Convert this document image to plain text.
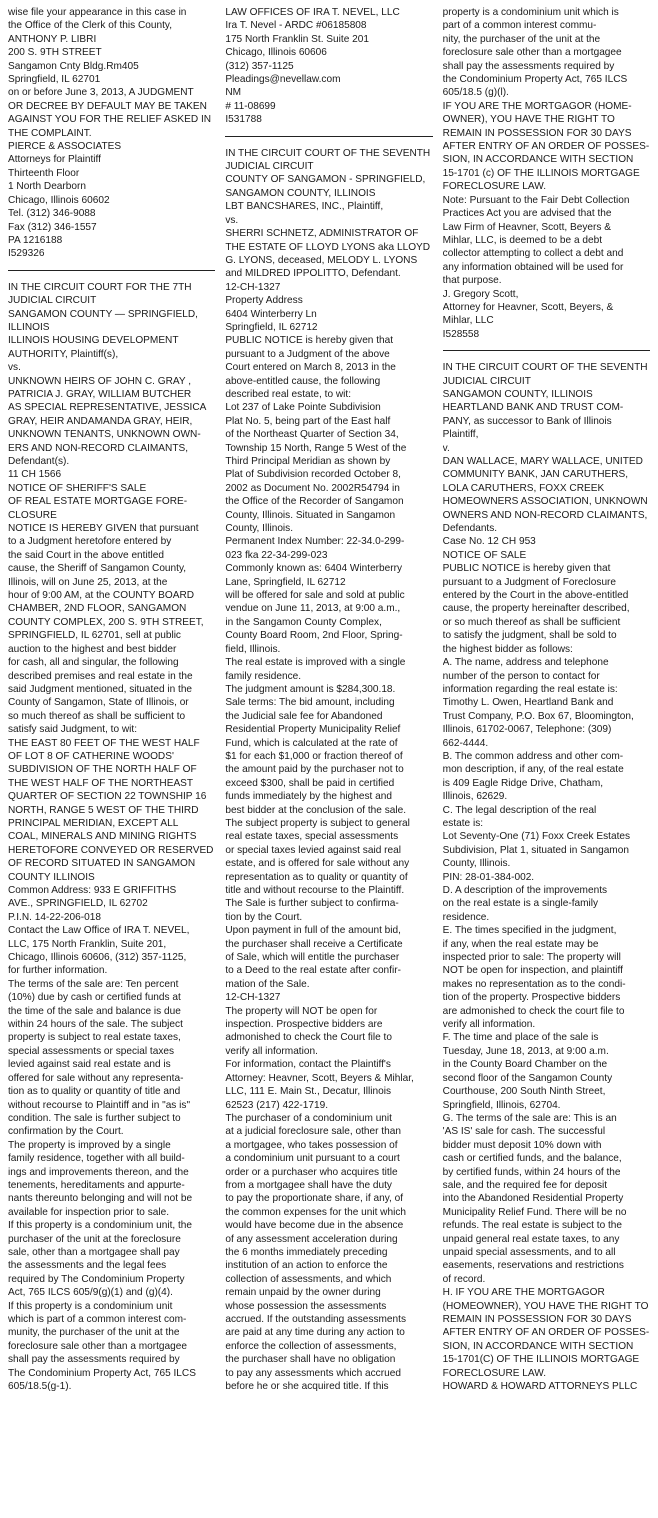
wise file your appearance in this case in
the Office of the Clerk of this County,
ANTHONY P. LIBRI
200 S. 9TH STREET
Sangamon Cnty Bldg.Rm405
Springfield, IL 62701
on or before June 3, 2013, A JUDGMENT
OR DECREE BY DEFAULT MAY BE TAKEN
AGAINST YOU FOR THE RELIEF ASKED IN
THE COMPLAINT.
PIERCE & ASSOCIATES
Attorneys for Plaintiff
Thirteenth Floor
1 North Dearborn
Chicago, Illinois 60602
Tel. (312) 346-9088
Fax (312) 346-1557
PA 1216188
I529326
IN THE CIRCUIT COURT FOR THE 7TH
JUDICIAL CIRCUIT
SANGAMON COUNTY — SPRINGFIELD,
ILLINOIS
ILLINOIS HOUSING DEVELOPMENT
AUTHORITY, Plaintiff(s),
vs.
UNKNOWN HEIRS OF JOHN C. GRAY ,
PATRICIA J. GRAY, WILLIAM BUTCHER
AS SPECIAL REPRESENTATIVE, JESSICA
GRAY, HEIR ANDAMANDA GRAY, HEIR,
UNKNOWN TENANTS, UNKNOWN OWN-
ERS AND NON-RECORD CLAIMANTS,
Defendant(s).
11 CH 1566
NOTICE OF SHERIFF'S SALE
OF REAL ESTATE MORTGAGE FORE-
CLOSURE
NOTICE IS HEREBY GIVEN that pursuant
to a Judgment heretofore entered by
the said Court in the above entitled
cause, the Sheriff of Sangamon County,
Illinois, will on June 25, 2013, at the
hour of 9:00 AM, at the COUNTY BOARD
CHAMBER, 2ND FLOOR, SANGAMON
COUNTY COMPLEX, 200 S. 9TH STREET,
SPRINGFIELD, IL 62701, sell at public
auction to the highest and best bidder
for cash, all and singular, the following
described premises and real estate in the
said Judgment mentioned, situated in the
County of Sangamon, State of Illinois, or
so much thereof as shall be sufficient to
satisfy said Judgment, to wit:
THE EAST 80 FEET OF THE WEST HALF
OF LOT 8 OF CATHERINE WOODS'
SUBDIVISION OF THE NORTH HALF OF
THE WEST HALF OF THE NORTHEAST
QUARTER OF SECTION 22 TOWNSHIP 16
NORTH, RANGE 5 WEST OF THE THIRD
PRINCIPAL MERIDIAN, EXCEPT ALL
COAL, MINERALS AND MINING RIGHTS
HERETOFORE CONVEYED OR RESERVED
OF RECORD SITUATED IN SANGAMON
COUNTY ILLINOIS
Common Address: 933 E GRIFFITHS
AVE., SPRINGFIELD, IL 62702
P.I.N. 14-22-206-018
Contact the Law Office of IRA T. NEVEL,
LLC, 175 North Franklin, Suite 201,
Chicago, Illinois 60606, (312) 357-1125,
for further information.
The terms of the sale are: Ten percent
(10%) due by cash or certified funds at
the time of the sale and balance is due
within 24 hours of the sale. The subject
property is subject to real estate taxes,
special assessments or special taxes
levied against said real estate and is
offered for sale without any representa-
tion as to quality or quantity of title and
without recourse to Plaintiff and in "as is"
condition. The sale is further subject to
confirmation by the Court.
The property is improved by a single
family residence, together with all build-
ings and improvements thereon, and the
tenements, hereditaments and appurte-
nants thereunto belonging and will not be
available for inspection prior to sale.
If this property is a condominium unit, the
purchaser of the unit at the foreclosure
sale, other than a mortgagee shall pay
the assessments and the legal fees
required by The Condominium Property
Act, 765 ILCS 605/9(g)(1) and (g)(4).
If this property is a condominium unit
which is part of a common interest com-
munity, the purchaser of the unit at the
foreclosure sale other than a mortgagee
shall pay the assessments required by
The Condominium Property Act, 765 ILCS
605/18.5(g-1).
LAW OFFICES OF IRA T. NEVEL, LLC
Ira T. Nevel - ARDC #06185808
175 North Franklin St. Suite 201
Chicago, Illinois 60606
(312) 357-1125
Pleadings@nevellaw.com
NM
# 11-08699
I531788
IN THE CIRCUIT COURT OF THE SEVENTH
JUDICIAL CIRCUIT
COUNTY OF SANGAMON - SPRINGFIELD,
SANGAMON COUNTY, ILLINOIS
LBT BANCSHARES, INC., Plaintiff,
vs.
SHERRI SCHNETZ, ADMINISTRATOR OF
THE ESTATE OF LLOYD LYONS aka LLOYD
G. LYONS, deceased, MELODY L. LYONS
and MILDRED IPPOLITTO, Defendant.
12-CH-1327
Property Address
6404 Winterberry Ln
Springfield, IL 62712
PUBLIC NOTICE is hereby given that
pursuant to a Judgment of the above
Court entered on March 8, 2013 in the
above-entitled cause, the following
described real estate, to wit:
Lot 237 of Lake Pointe Subdivision
Plat No. 5, being part of the East half
of the Northeast Quarter of Section 34,
Township 15 North, Range 5 West of the
Third Principal Meridian as shown by
Plat of Subdivision recorded October 8,
2002 as Document No. 2002R54794 in
the Office of the Recorder of Sangamon
County, Illinois. Situated in Sangamon
County, Illinois.
Permanent Index Number: 22-34.0-299-
023 fka 22-34-299-023
Commonly known as: 6404 Winterberry
Lane, Springfield, IL 62712
will be offered for sale and sold at public
vendue on June 11, 2013, at 9:00 a.m.,
in the Sangamon County Complex,
County Board Room, 2nd Floor, Spring-
field, Illinois.
The real estate is improved with a single
family residence.
The judgment amount is $284,300.18.
Sale terms: The bid amount, including
the Judicial sale fee for Abandoned
Residential Property Municipality Relief
Fund, which is calculated at the rate of
$1 for each $1,000 or fraction thereof of
the amount paid by the purchaser not to
exceed $300, shall be paid in certified
funds immediately by the highest and
best bidder at the conclusion of the sale.
The subject property is subject to general
real estate taxes, special assessments
or special taxes levied against said real
estate, and is offered for sale without any
representation as to quality or quantity of
title and without recourse to the Plaintiff.
The Sale is further subject to confirma-
tion by the Court.
Upon payment in full of the amount bid,
the purchaser shall receive a Certificate
of Sale, which will entitle the purchaser
to a Deed to the real estate after confir-
mation of the Sale.
12-CH-1327
The property will NOT be open for
inspection. Prospective bidders are
admonished to check the Court file to
verify all information.
For information, contact the Plaintiff's
Attorney: Heavner, Scott, Beyers & Mihlar,
LLC, 111 E. Main St., Decatur, Illinois
62523 (217) 422-1719.
The purchaser of a condominium unit
at a judicial foreclosure sale, other than
a mortgagee, who takes possession of
a condominium unit pursuant to a court
order or a purchaser who acquires title
from a mortgagee shall have the duty
to pay the proportionate share, if any, of
the common expenses for the unit which
would have become due in the absence
of any assessment acceleration during
the 6 months immediately preceding
institution of an action to enforce the
collection of assessments, and which
remain unpaid by the owner during
whose possession the assessments
accrued. If the outstanding assessments
are paid at any time during any action to
enforce the collection of assessments,
the purchaser shall have no obligation
to pay any assessments which accrued
before he or she acquired title. If this
property is a condominium unit which is
part of a common interest commu-
nity, the purchaser of the unit at the
foreclosure sale other than a mortgagee
shall pay the assessments required by
the Condominium Property Act, 765 ILCS
605/18.5 (g)(l).
IF YOU ARE THE MORTGAGOR (HOME-
OWNER), YOU HAVE THE RIGHT TO
REMAIN IN POSSESSION FOR 30 DAYS
AFTER ENTRY OF AN ORDER OF POSSES-
SION, IN ACCORDANCE WITH SECTION
15-1701 (c) OF THE ILLINOIS MORTGAGE
FORECLOSURE LAW.
Note: Pursuant to the Fair Debt Collection
Practices Act you are advised that the
Law Firm of Heavner, Scott, Beyers &
Mihlar, LLC, is deemed to be a debt
collector attempting to collect a debt and
any information obtained will be used for
that purpose.
J. Gregory Scott,
Attorney for Heavner, Scott, Beyers, &
Mihlar, LLC
I528558
IN THE CIRCUIT COURT OF THE SEVENTH
JUDICIAL CIRCUIT
SANGAMON COUNTY, ILLINOIS
HEARTLAND BANK AND TRUST COM-
PANY, as successor to Bank of Illinois
Plaintiff,
v.
DAN WALLACE, MARY WALLACE, UNITED
COMMUNITY BANK, JAN CARUTHERS,
LOLA CARUTHERS, FOXX CREEK
HOMEOWNERS ASSOCIATION, UNKNOWN
OWNERS AND NON-RECORD CLAIMANTS,
Defendants.
Case No. 12 CH 953
NOTICE OF SALE
PUBLIC NOTICE is hereby given that
pursuant to a Judgment of Foreclosure
entered by the Court in the above-entitled
cause, the property hereinafter described,
or so much thereof as shall be sufficient
to satisfy the judgment, shall be sold to
the highest bidder as follows:
A. The name, address and telephone
number of the person to contact for
information regarding the real estate is:
Timothy L. Owen, Heartland Bank and
Trust Company, P.O. Box 67, Bloomington,
Illinois, 61702-0067, Telephone: (309)
662-4444.
B. The common address and other com-
mon description, if any, of the real estate
is 409 Eagle Ridge Drive, Chatham,
Illinois, 62629.
C. The legal description of the real
estate is:
Lot Seventy-One (71) Foxx Creek Estates
Subdivision, Plat 1, situated in Sangamon
County, Illinois.
PIN: 28-01-384-002.
D. A description of the improvements
on the real estate is a single-family
residence.
E. The times specified in the judgment,
if any, when the real estate may be
inspected prior to sale: The property will
NOT be open for inspection, and plaintiff
makes no representation as to the condi-
tion of the property. Prospective bidders
are admonished to check the court file to
verify all information.
F. The time and place of the sale is
Tuesday, June 18, 2013, at 9:00 a.m.
in the County Board Chamber on the
second floor of the Sangamon County
Courthouse, 200 South Ninth Street,
Springfield, Illinois, 62704.
G. The terms of the sale are: This is an
'AS IS' sale for cash. The successful
bidder must deposit 10% down with
cash or certified funds, and the balance,
by certified funds, within 24 hours of the
sale, and the required fee for deposit
into the Abandoned Residential Property
Municipality Relief Fund. There will be no
refunds. The real estate is subject to the
unpaid general real estate taxes, to any
unpaid special assessments, and to all
easements, reservations and restrictions
of record.
H. IF YOU ARE THE MORTGAGOR
(HOMEOWNER), YOU HAVE THE RIGHT TO
REMAIN IN POSSESSION FOR 30 DAYS
AFTER ENTRY OF AN ORDER OF POSSES-
SION, IN ACCORDANCE WITH SECTION
15-1701(C) OF THE ILLINOIS MORTGAGE
FORECLOSURE LAW.
HOWARD & HOWARD ATTORNEYS PLLC
